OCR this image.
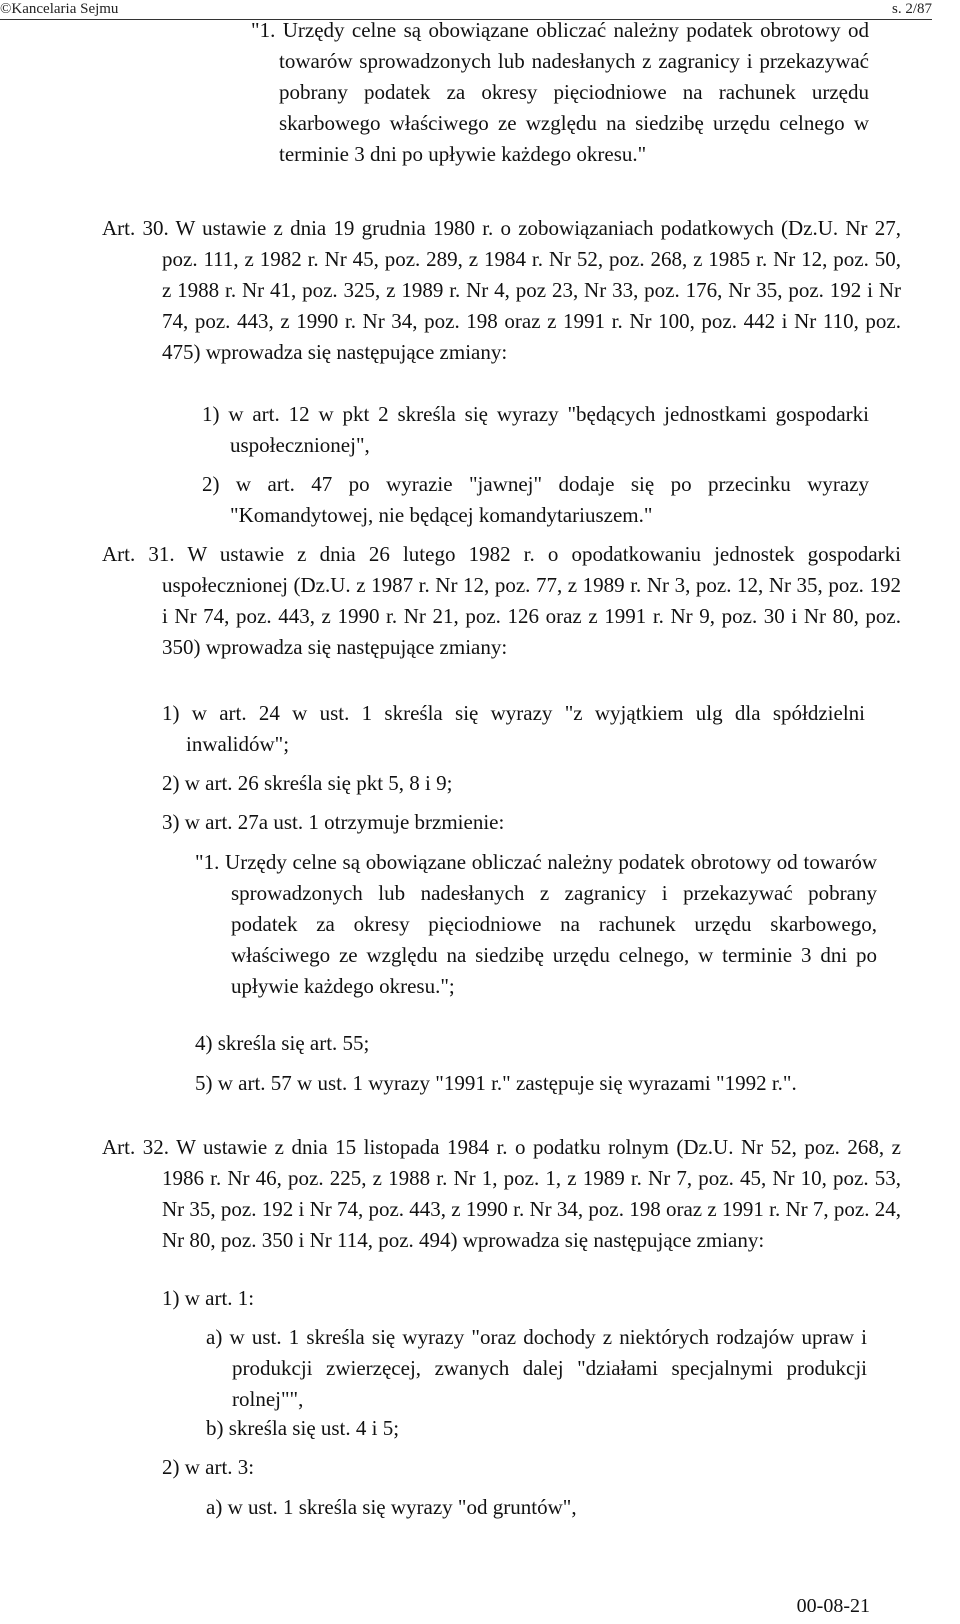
©Kancelaria Sejmu	s. 2/87

"1. Urzędy celne są obowiązane obliczać należny podatek obrotowy od towarów sprowadzonych lub nadesłanych z zagranicy i przekazywać pobrany podatek za okresy pięciodniowe na rachunek urzędu skarbowego właściwego ze względu na siedzibę urzędu celnego w terminie 3 dni po upływie każdego okresu."

Art. 30. W ustawie z dnia 19 grudnia 1980 r. o zobowiązaniach podatkowych (Dz.U. Nr 27, poz. 111, z 1982 r. Nr 45, poz. 289, z 1984 r. Nr 52, poz. 268, z 1985 r. Nr 12, poz. 50, z 1988 r. Nr 41, poz. 325, z 1989 r. Nr 4, poz 23, Nr 33, poz. 176, Nr 35, poz. 192 i Nr 74, poz. 443, z 1990 r. Nr 34, poz. 198 oraz z 1991 r. Nr 100, poz. 442 i Nr 110, poz. 475) wprowadza się następujące zmiany:

1) w art. 12 w pkt 2 skreśla się wyrazy "będących jednostkami gospodarki uspołecznionej",

2) w art. 47 po wyrazie "jawnej" dodaje się po przecinku wyrazy "Komandytowej, nie będącej komandytariuszem."

Art. 31. W ustawie z dnia 26 lutego 1982 r. o opodatkowaniu jednostek gospodarki uspołecznionej (Dz.U. z 1987 r. Nr 12, poz. 77, z 1989 r. Nr 3, poz. 12, Nr 35, poz. 192 i Nr 74, poz. 443, z 1990 r. Nr 21, poz. 126 oraz z 1991 r. Nr 9, poz. 30 i Nr 80, poz. 350) wprowadza się następujące zmiany:

1) w art. 24 w ust. 1 skreśla się wyrazy "z wyjątkiem ulg dla spółdzielni inwalidów";

2) w art. 26 skreśla się pkt 5, 8 i 9;

3) w art. 27a ust. 1 otrzymuje brzmienie:

"1. Urzędy celne są obowiązane obliczać należny podatek obrotowy od towarów sprowadzonych lub nadesłanych z zagranicy i przekazywać pobrany podatek za okresy pięciodniowe na rachunek urzędu skarbowego, właściwego ze względu na siedzibę urzędu celnego, w terminie 3 dni po upływie każdego okresu.";

4) skreśla się art. 55;

5) w art. 57 w ust. 1 wyrazy "1991 r." zastępuje się wyrazami "1992 r.".

Art. 32. W ustawie z dnia 15 listopada 1984 r. o podatku rolnym (Dz.U. Nr 52, poz. 268, z 1986 r. Nr 46, poz. 225, z 1988 r. Nr 1, poz. 1, z 1989 r. Nr 7, poz. 45, Nr 10, poz. 53, Nr 35, poz. 192 i Nr 74, poz. 443, z 1990 r. Nr 34, poz. 198 oraz z 1991 r. Nr 7, poz. 24, Nr 80, poz. 350 i Nr 114, poz. 494) wprowadza się następujące zmiany:

1) w art. 1:

a) w ust. 1 skreśla się wyrazy "oraz dochody z niektórych rodzajów upraw i produkcji zwierzęcej, zwanych dalej "działami specjalnymi produkcji rolnej"",

b) skreśla się ust. 4 i 5;

2) w art. 3:

a) w ust. 1 skreśla się wyrazy "od gruntów",

00-08-21
